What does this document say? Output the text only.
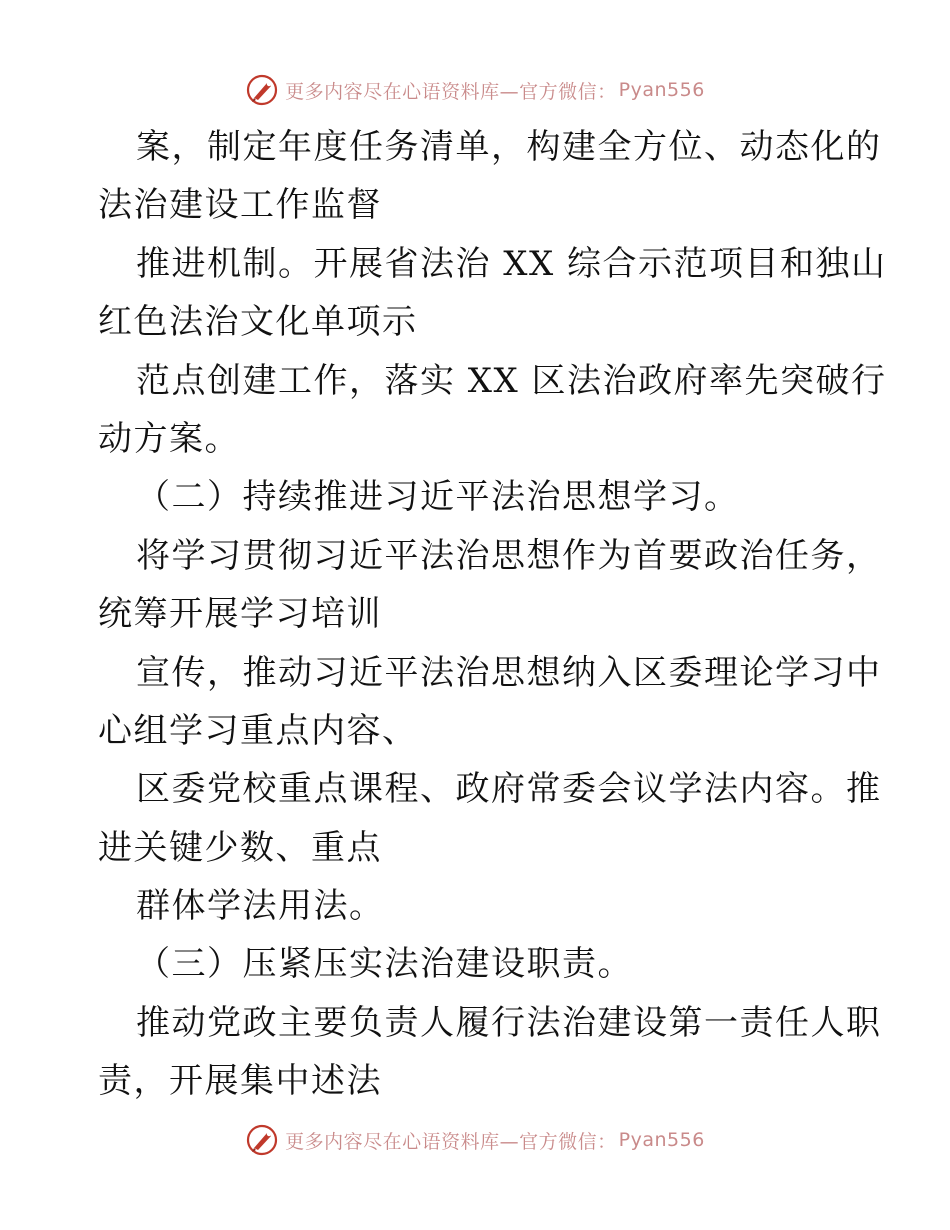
更多内容尽在心语资料库—官方微信： Pyan556
案，制定年度任务清单，构建全方位、动态化的
法治建设工作监督
推进机制。开展省法治 XX 综合示范项目和独山
红色法治文化单项示
范点创建工作，落实 XX 区法治政府率先突破行
动方案。
（二）持续推进习近平法治思想学习。
将学习贯彻习近平法治思想作为首要政治任务，
统筹开展学习培训
宣传，推动习近平法治思想纳入区委理论学习中
心组学习重点内容、
区委党校重点课程、政府常委会议学法内容。推
进关键少数、重点
群体学法用法。
（三）压紧压实法治建设职责。
推动党政主要负责人履行法治建设第一责任人职
责，开展集中述法
更多内容尽在心语资料库—官方微信： Pyan556
